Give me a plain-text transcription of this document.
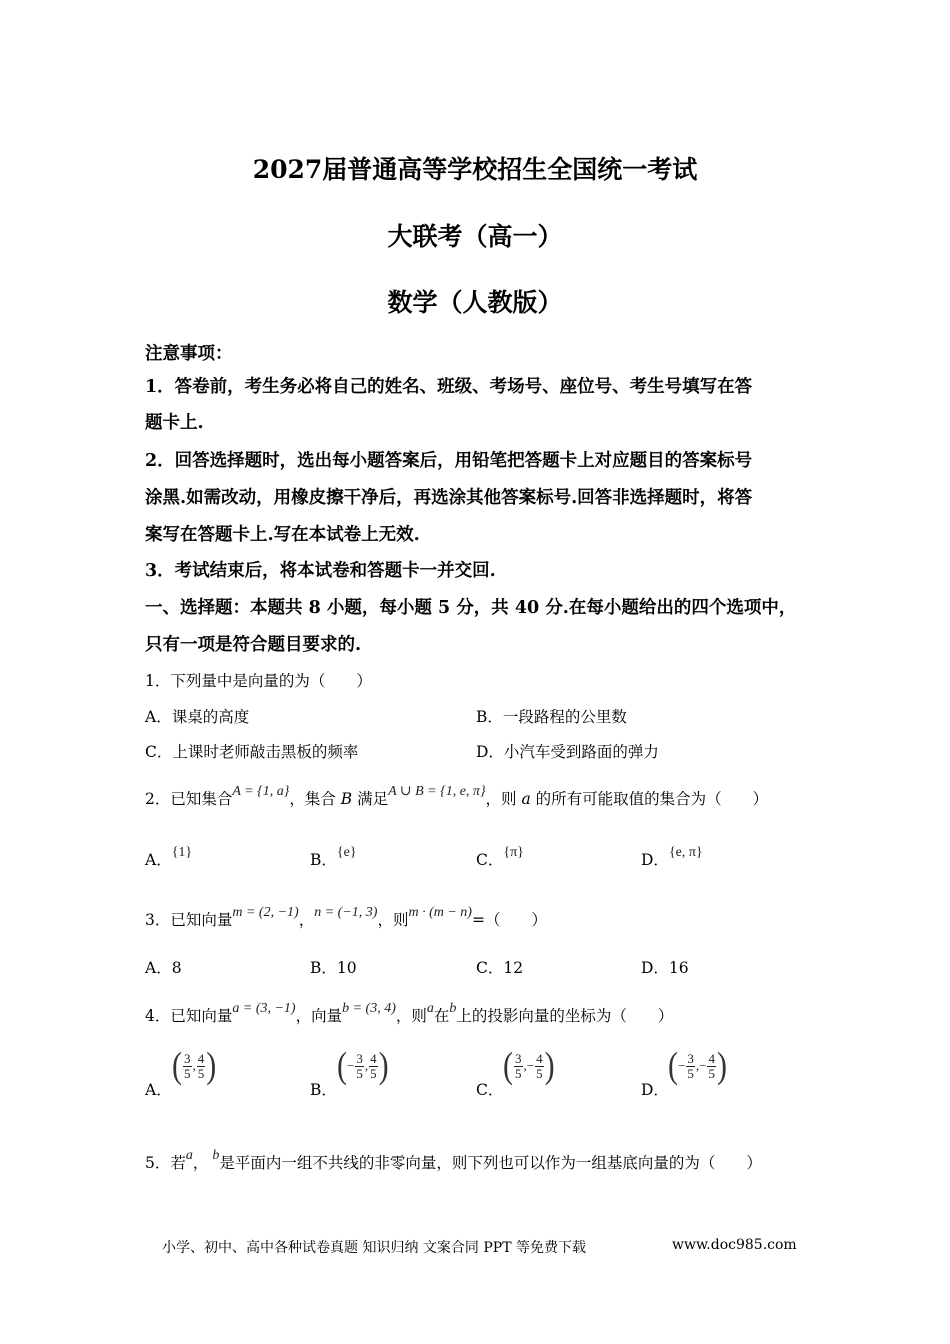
2027届普通高等学校招生全国统一考试
大联考（高一）
数学（人教版）
注意事项：
1．答卷前，考生务必将自己的姓名、班级、考场号、座位号、考生号填写在答
题卡上.
2．回答选择题时，选出每小题答案后，用铅笔把答题卡上对应题目的答案标号
涂黑.如需改动，用橡皮擦干净后，再选涂其他答案标号.回答非选择题时，将答
案写在答题卡上.写在本试卷上无效.
3．考试结束后，将本试卷和答题卡一并交回.
一、选择题：本题共 8 小题，每小题 5 分，共 40 分.在每小题给出的四个选项中，
只有一项是符合题目要求的.
1．下列量中是向量的为（　　）
A．课桌的高度	B．一段路程的公里数
C．上课时老师敲击黑板的频率	D．小汽车受到路面的弹力
2．已知集合A = {1, a}，集合 B 满足A ∪ B = {1, e, π}，则 a 的所有可能取值的集合为（　　）
A．{1}	B．{e}	C．{π}	D．{e, π}
3．已知向量m = (2, −1)，n = (−1, 3)，则m · (m − n)=（　　）
A．8	B．10	C．12	D．16
4．已知向量a = (3, −1)，向量b = (3, 4)，则a在b上的投影向量的坐标为（　　）
A．
( $\frac{3}{5}$ , $\frac{4}{5}$ )
B．
( − $\frac{3}{5}$ , $\frac{4}{5}$ )
C．
( $\frac{3}{5}$ , − $\frac{4}{5}$ )
D．
( − $\frac{3}{5}$ , − $\frac{4}{5}$ )
5．若a， b是平面内一组不共线的非零向量，则下列也可以作为一组基底向量的为（　　）
小学、初中、高中各种试卷真题 知识归纳 文案合同 PPT 等免费下载	www.doc985.com
